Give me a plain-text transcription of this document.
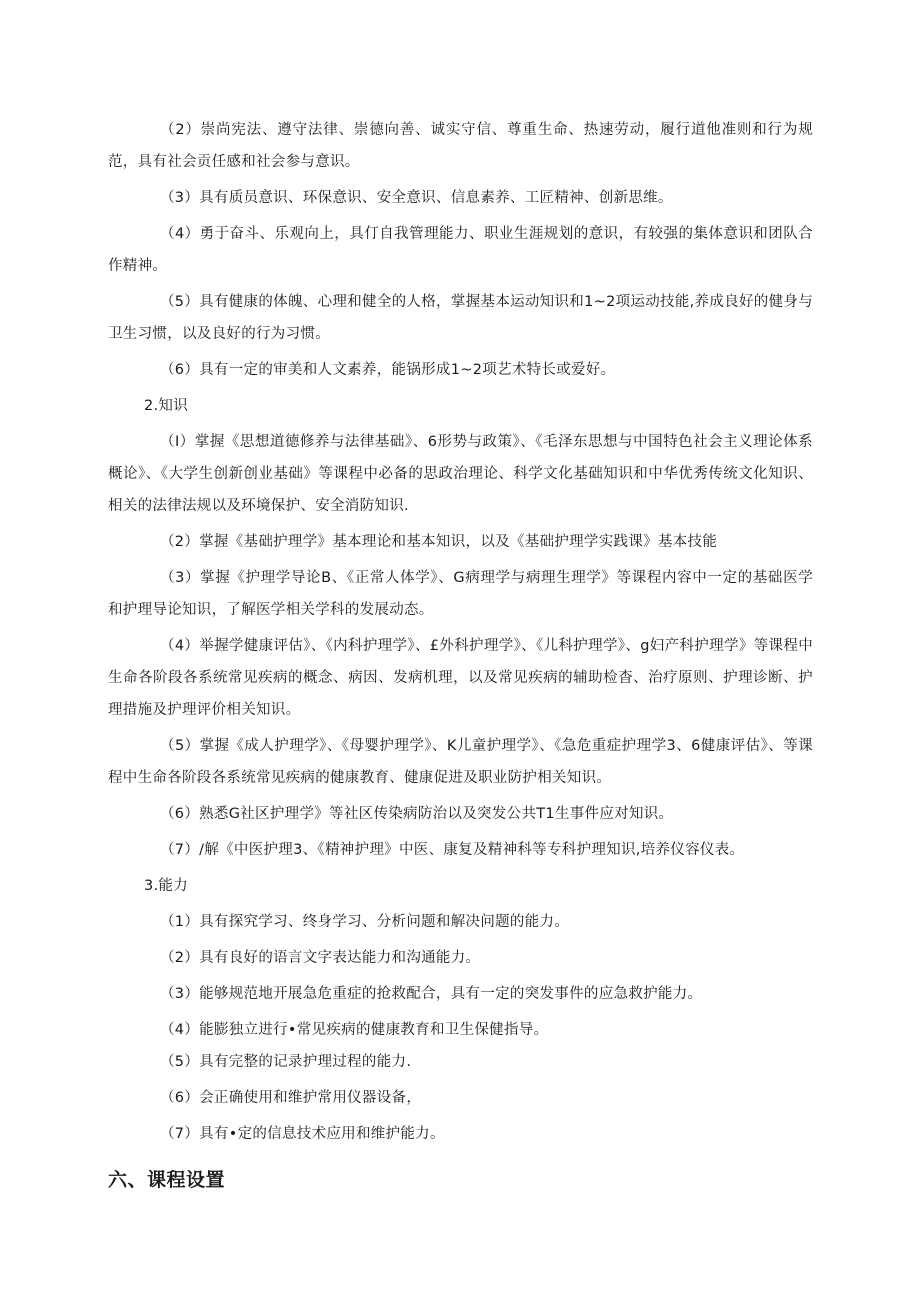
（2）崇尚宪法、遵守法律、崇德向善、诚实守信、尊重生命、热速劳动，履行道他准则和行为规范，具有社会贡任感和社会参与意识。

（3）具有质员意识、环保意识、安全意识、信息素养、工匠精神、创新思维。

（4）勇于奋斗、乐观向上，具仃自我管理能力、职业生涯规划的意识，有较强的集体意识和团队合作精神。

（5）具有健康的体魄、心理和健全的人格，掌握基本运动知识和1~2项运动技能,养成良好的健身与卫生习惯，以及良好的行为习惯。

（6）具有一定的审美和人文素养，能锅形成1~2项艺术特长或爱好。

2.知识

（I）掌握《思想道德修养与法律基础》、6形势与政策》、《毛泽东思想与中国特色社会主义理论体系概论》、《大学生创新创业基础》等课程中必备的思政治理论、科学文化基础知识和中华优秀传统文化知识、相关的法律法规以及环境保护、安全消防知识.

（2）掌握《基础护理学》基本理论和基本知识，以及《基础护理学实践课》基本技能

（3）掌握《护理学导论B、《正常人体学》、G病理学与病理生理学》等课程内容中一定的基础医学和护理导论知识，了解医学相关学科的发展动态。

（4）举握学健康评估》、《内科护理学》、£外科护理学》、《儿科护理学》、g妇产科护理学》等课程中生命各阶段各系统常见疾病的概念、病因、发病机理，以及常见疾病的辅助检杳、治疗原则、护理诊断、护理措施及护理评价相关知识。

（5）掌握《成人护理学》、《母婴护理学》、K儿童护理学》、《急危重症护理学3、6健康评估》、等课程中生命各阶段各系统常见疾病的健康教育、健康促进及职业防护相关知识。

（6）熟悉G社区护理学》等社区传染病防治以及突发公共T1生事件应对知识。

（7）/解《中医护理3、《精神护理》中医、康复及精神科等专科护理知识,培养仪容仪表。

3.能力

（1）具有探究学习、终身学习、分析问题和解决问题的能力。

（2）具有良好的语言文字表达能力和沟通能力。

（3）能够规范地开展急危重症的抢救配合，具有一定的突发事件的应急救护能力。

（4）能膨独立进行•常见疾病的健康教育和卫生保健指导。

（5）具有完整的记录护理过程的能力.

（6）会正确使用和维护常用仪器设备，

（7）具有•定的信息技术应用和维护能力。

六、课程设置
